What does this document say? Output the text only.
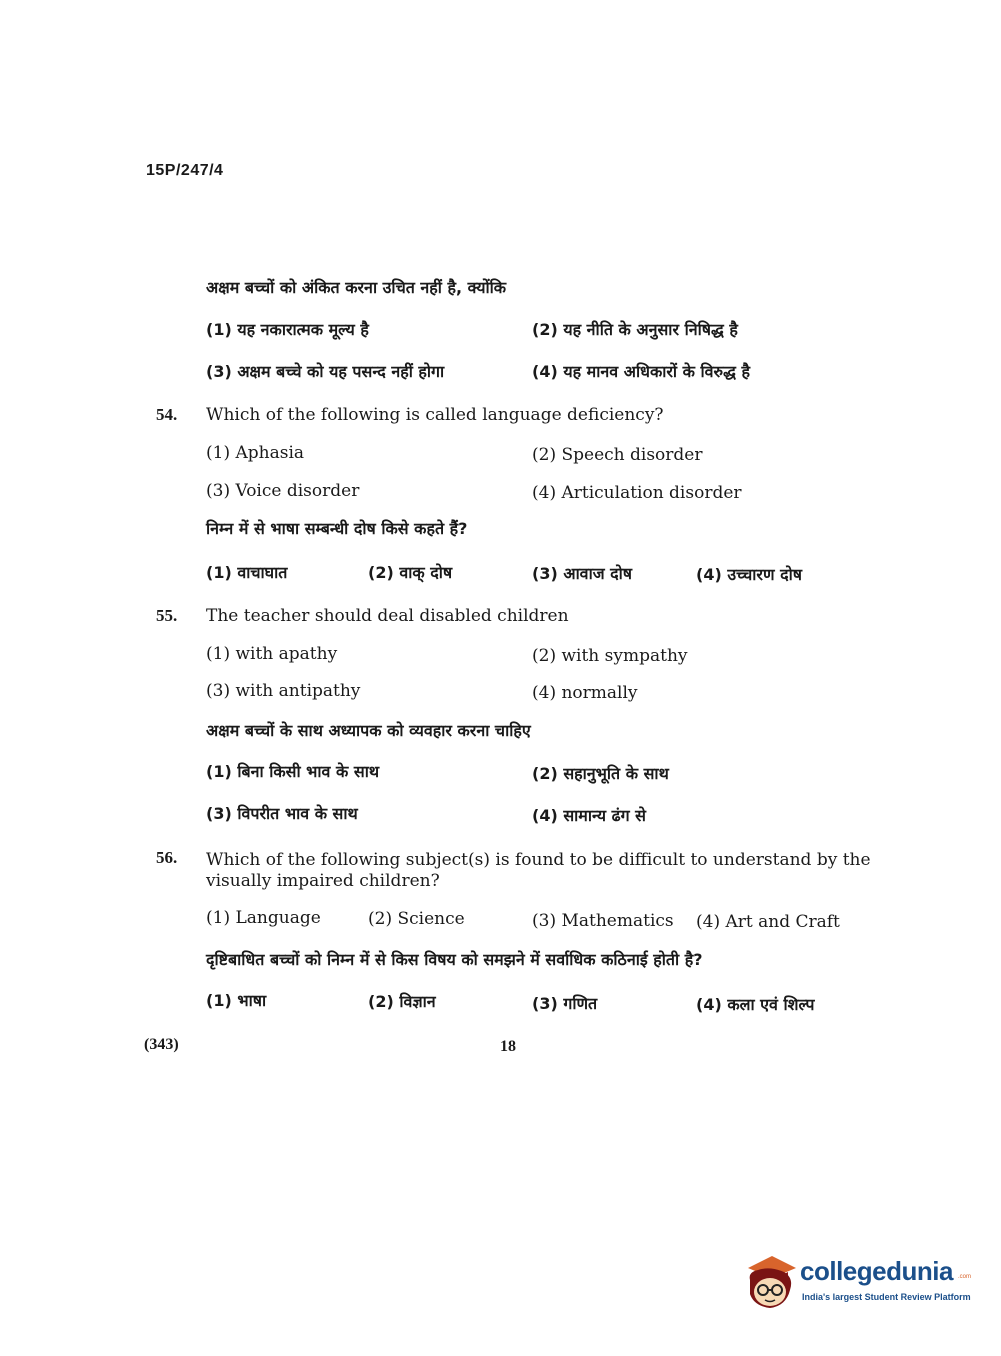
15P/247/4
अक्षम बच्चों को अंकित करना उचित नहीं है, क्योंकि
(1) यह नकारात्मक मूल्य है	(2) यह नीति के अनुसार निषिद्ध है
(3) अक्षम बच्चे को यह पसन्द नहीं होगा	(4) यह मानव अधिकारों के विरुद्ध है
54. Which of the following is called language deficiency?
(1) Aphasia	(2) Speech disorder
(3) Voice disorder	(4) Articulation disorder
निम्न में से भाषा सम्बन्धी दोष किसे कहते हैं?
(1) वाचाघात	(2) वाक् दोष	(3) आवाज दोष	(4) उच्चारण दोष
55. The teacher should deal disabled children
(1) with apathy	(2) with sympathy
(3) with antipathy	(4) normally
अक्षम बच्चों के साथ अध्यापक को व्यवहार करना चाहिए
(1) बिना किसी भाव के साथ	(2) सहानुभूति के साथ
(3) विपरीत भाव के साथ	(4) सामान्य ढंग से
56. Which of the following subject(s) is found to be difficult to understand by the
visually impaired children?
(1) Language	(2) Science	(3) Mathematics (4) Art and Craft
दृष्टिबाधित बच्चों को निम्न में से किस विषय को समझने में सर्वाधिक कठिनाई होती है?
(1) भाषा	(2) विज्ञान	(3) गणित	(4) कला एवं शिल्प
(343)	18
collegedunia .com
India's largest Student Review Platform
